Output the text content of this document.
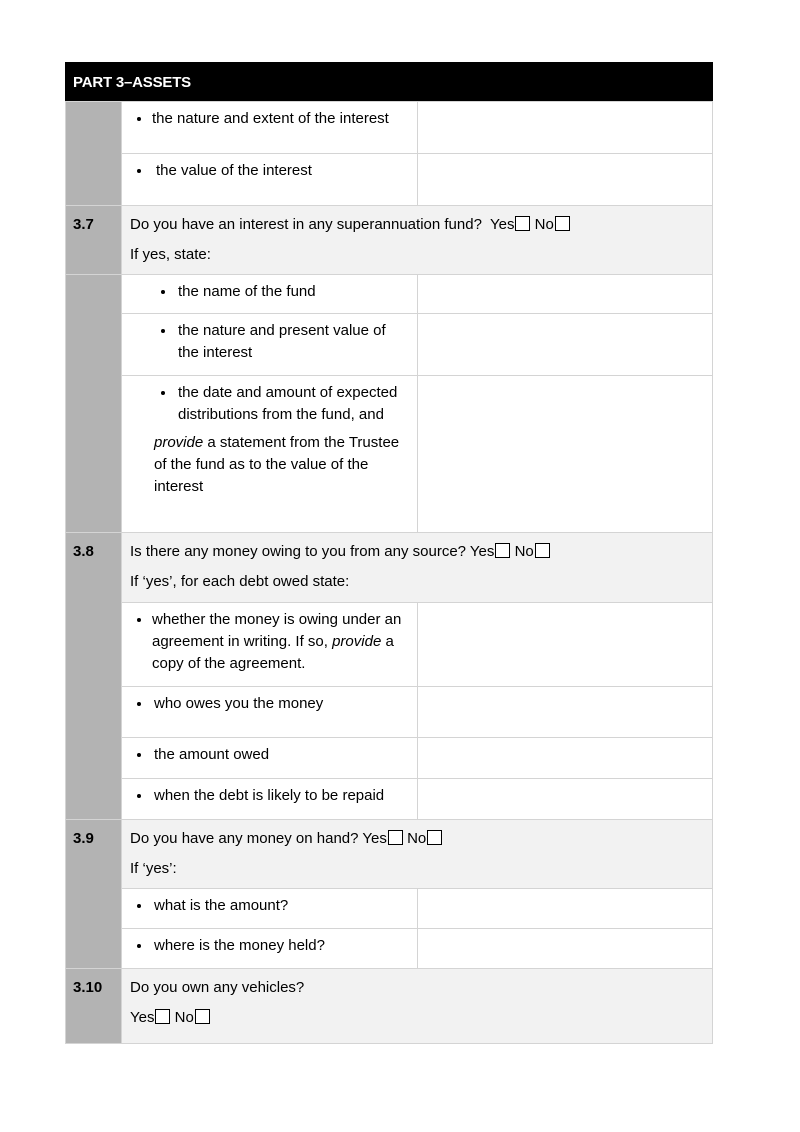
PART 3–ASSETS

	the nature and extent of the interest	

	the value of the interest	

3.7	Do you have an interest in any superannuation fund? Yes No
If yes, state:	

	the name of the fund	

	the nature and present value of the interest	

	the date and amount of expected distributions from the fund, and
provide a statement from the Trustee of the fund as to the value of the interest	

3.8	Is there any money owing to you from any source? Yes No
If ‘yes’, for each debt owed state:	

	whether the money is owing under an agreement in writing. If so, provide a copy of the agreement.	

	who owes you the money	

	the amount owed	

	when the debt is likely to be repaid	

3.9	Do you have any money on hand? Yes No
If ‘yes’:	

	what is the amount?	

	where is the money held?	

3.10	Do you own any vehicles?
Yes No	
